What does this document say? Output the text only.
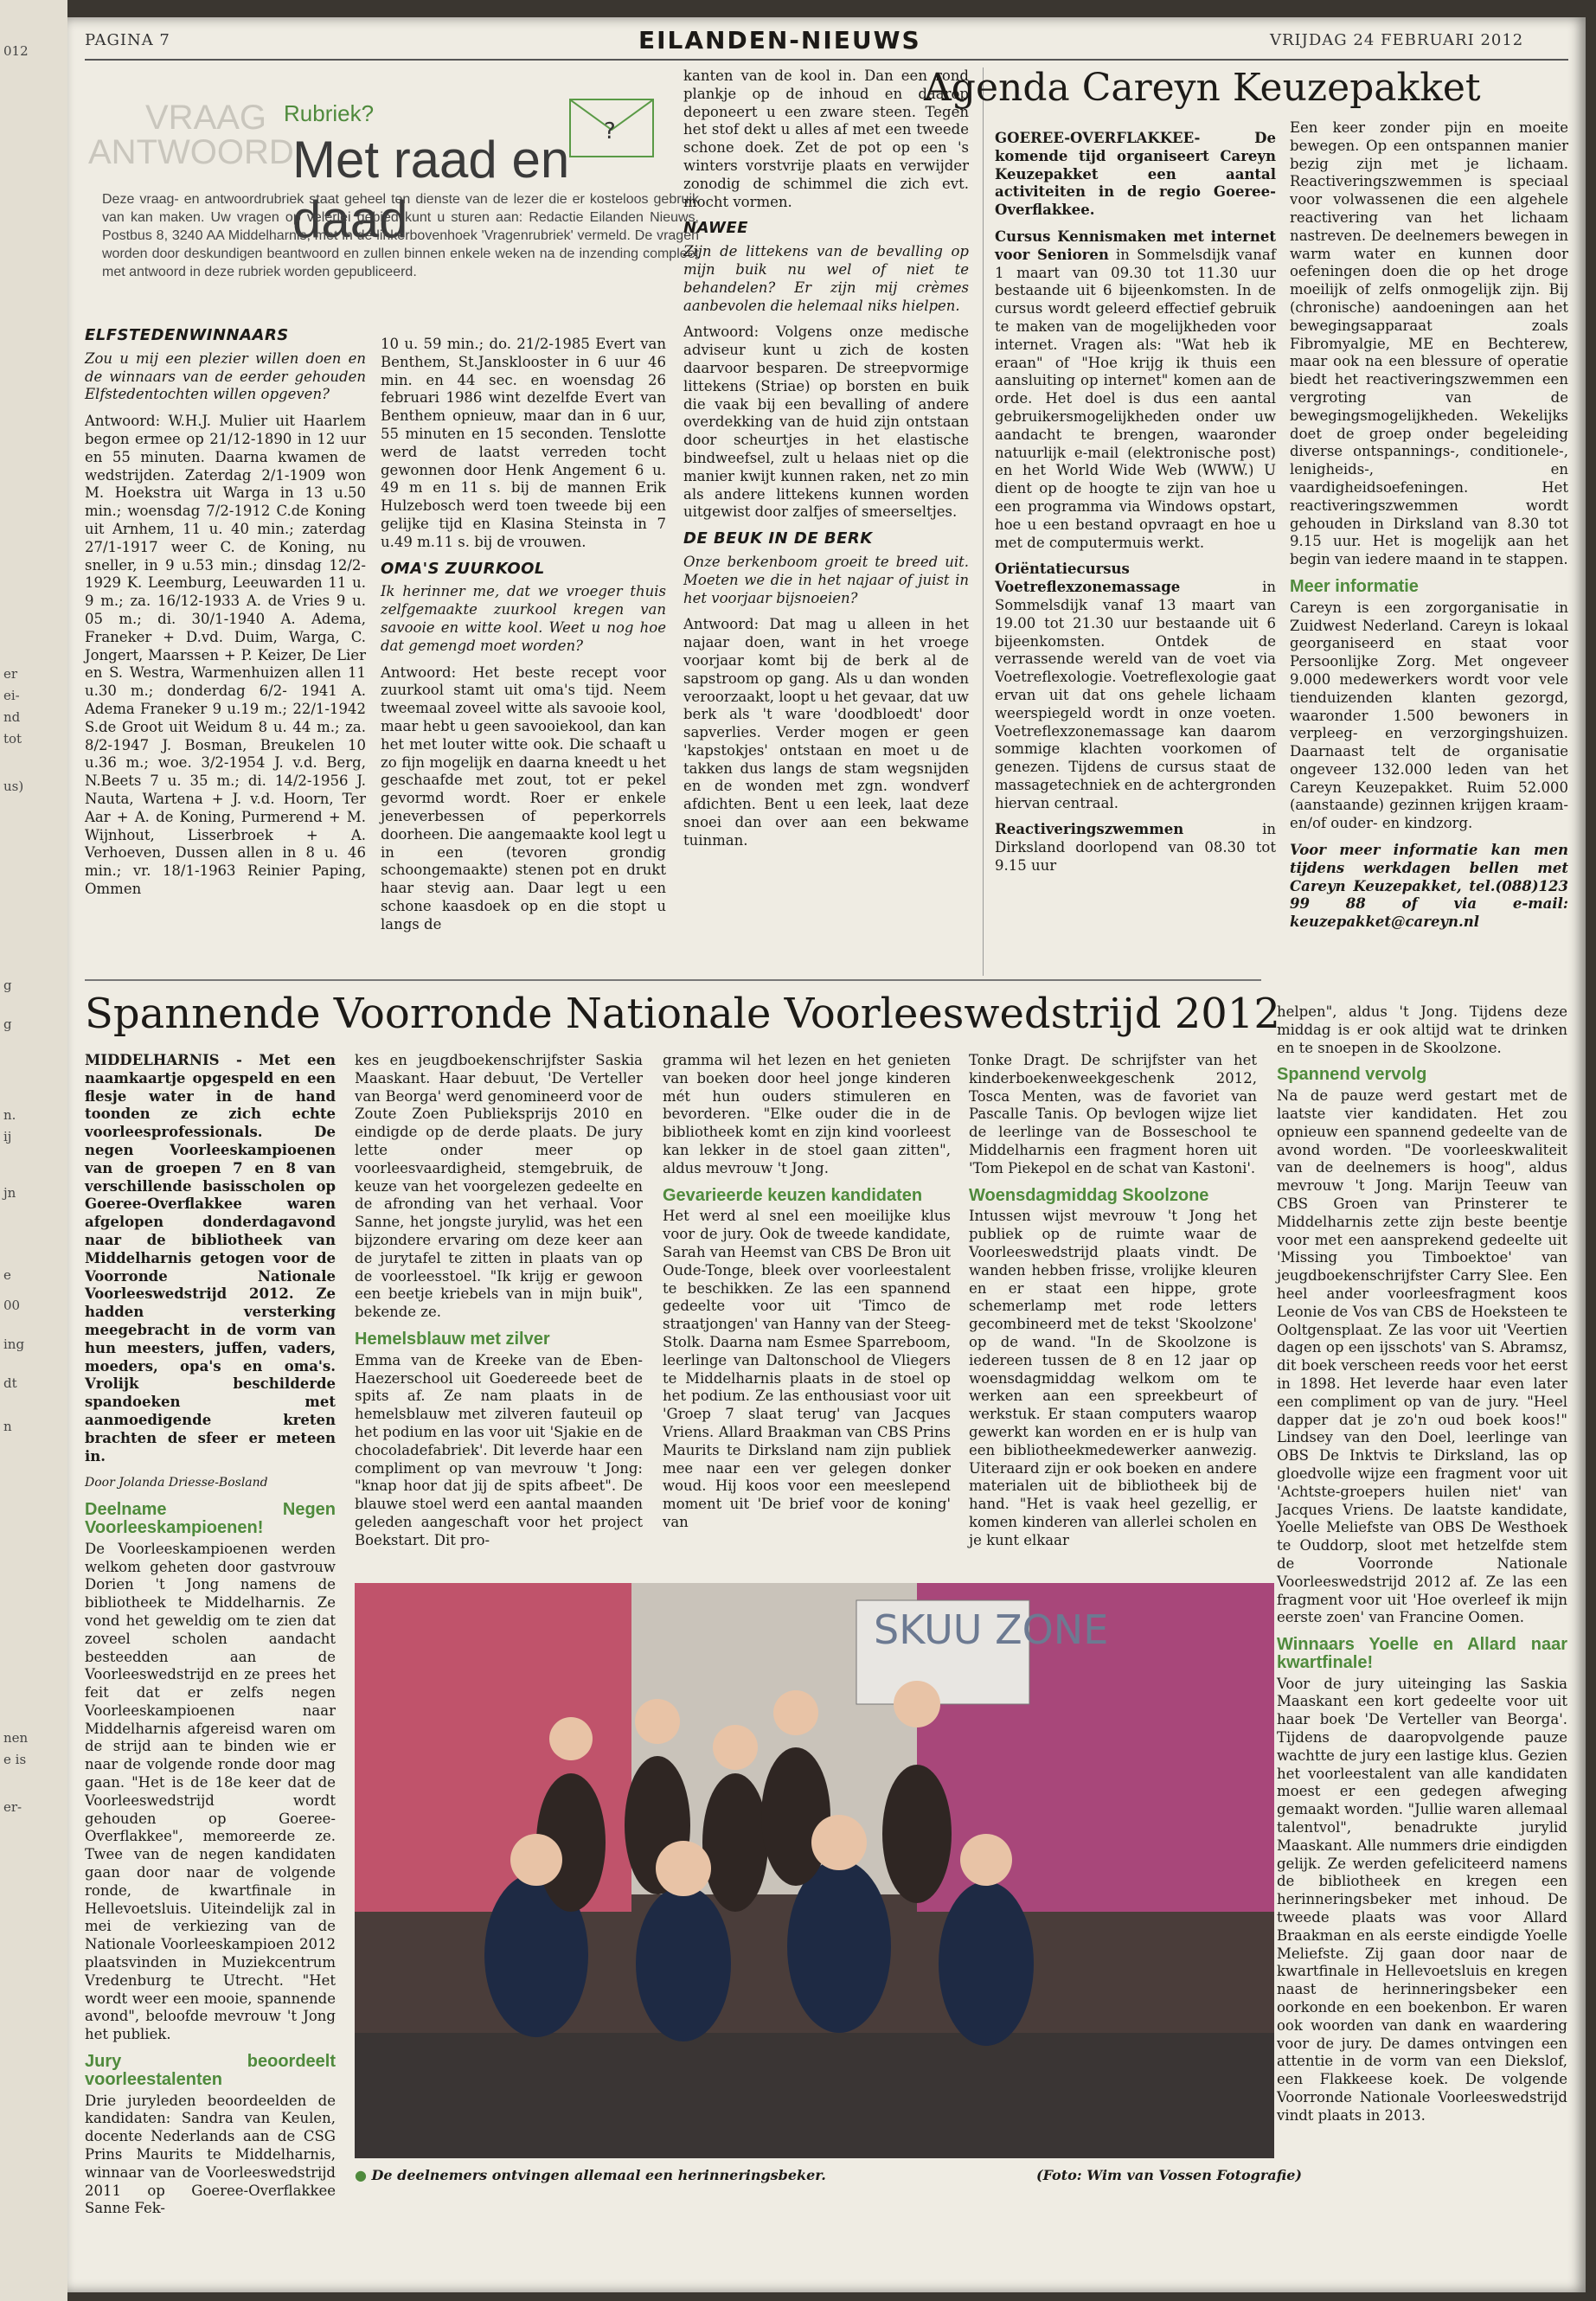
012
er
ei-
nd
tot
us)
g
g
n.
ij
jn
e
00
ing
dt
n
nen
e is
er-
PAGINA 7	EILANDEN-NIEUWS	VRIJDAG 24 FEBRUARI 2012
VRAAG
ANTWOORD
Rubriek?
Met raad en daad
?
Deze vraag- en antwoordrubriek staat geheel ten dienste van de lezer die er kosteloos gebruik van kan maken. Uw vragen op velerlei gebied kunt u sturen aan: Redactie Eilanden Nieuws, Postbus 8, 3240 AA Middelharnis, met in de linkerbovenhoek 'Vragenrubriek' vermeld. De vragen worden door deskundigen beantwoord en zullen binnen enkele weken na de inzending compleet met antwoord in deze rubriek worden gepubliceerd.
ELFSTEDENWINNAARS

Zou u mij een plezier willen doen en de winnaars van de eerder gehouden Elfstedentochten willen opgeven?

Antwoord: W.H.J. Mulier uit Haarlem begon ermee op 21/12-1890 in 12 uur en 55 minuten. Daarna kwamen de wedstrijden. Zaterdag 2/1-1909 won M. Hoekstra uit Warga in 13 u.50 min.; woensdag 7/2-1912 C.de Koning uit Arnhem, 11 u. 40 min.; zaterdag 27/1-1917 weer C. de Koning, nu sneller, in 9 u.53 min.; dinsdag 12/2-1929 K. Leemburg, Leeuwarden 11 u. 9 m.; za. 16/12-1933 A. de Vries 9 u. 05 m.; di. 30/1-1940 A. Adema, Franeker + D.vd. Duim, Warga, C. Jongert, Maarssen + P. Keizer, De Lier en S. Westra, Warmenhuizen allen 11 u.30 m.; donderdag 6/2- 1941 A. Adema Franeker 9 u.19 m.; 22/1-1942 S.de Groot uit Weidum 8 u. 44 m.; za. 8/2-1947 J. Bosman, Breukelen 10 u.36 m.; woe. 3/2-1954 J. v.d. Berg, N.Beets 7 u. 35 m.; di. 14/2-1956 J. Nauta, Wartena + J. v.d. Hoorn, Ter Aar + A. de Koning, Purmerend + M. Wijnhout, Lisserbroek + A. Verhoeven, Dussen allen in 8 u. 46 min.; vr. 18/1-1963 Reinier Paping, Ommen

10 u. 59 min.; do. 21/2-1985 Evert van Benthem, St.Jansklooster in 6 uur 46 min. en 44 sec. en woensdag 26 februari 1986 wint dezelfde Evert van Benthem opnieuw, maar dan in 6 uur, 55 minuten en 15 seconden. Tenslotte werd de laatst verreden tocht gewonnen door Henk Angement 6 u. 49 m en 11 s. bij de mannen Erik Hulzebosch werd toen tweede bij een gelijke tijd en Klasina Steinsta in 7 u.49 m.11 s. bij de vrouwen.

OMA'S ZUURKOOL

Ik herinner me, dat we vroeger thuis zelfgemaakte zuurkool kregen van savooie en witte kool. Weet u nog hoe dat gemengd moet worden?

Antwoord: Het beste recept voor zuurkool stamt uit oma's tijd. Neem tweemaal zoveel witte als savooie kool, maar hebt u geen savooiekool, dan kan het met louter witte ook. Die schaaft u zo fijn mogelijk en daarna kneedt u het geschaafde met zout, tot er pekel gevormd wordt. Roer er enkele jeneverbessen of peperkorrels doorheen. Die aangemaakte kool legt u in een (tevoren grondig schoongemaakte) stenen pot en drukt haar stevig aan. Daar legt u een schone kaasdoek op en die stopt u langs de

kanten van de kool in. Dan een rond plankje op de inhoud en daarop deponeert u een zware steen. Tegen het stof dekt u alles af met een tweede schone doek. Zet de pot op een 's winters vorstvrije plaats en verwijder zonodig de schimmel die zich evt. mocht vormen.

NAWEE

Zijn de littekens van de bevalling op mijn buik nu wel of niet te behandelen? Er zijn mij crèmes aanbevolen die helemaal niks hielpen.

Antwoord: Volgens onze medische adviseur kunt u zich de kosten daarvoor besparen. De streepvormige littekens (Striae) op borsten en buik die vaak bij een bevalling of andere overdekking van de huid zijn ontstaan door scheurtjes in het elastische bindweefsel, zult u helaas niet op die manier kwijt kunnen raken, net zo min als andere littekens kunnen worden uitgewist door zalfjes of smeerseltjes.

DE BEUK IN DE BERK

Onze berkenboom groeit te breed uit. Moeten we die in het najaar of juist in het voorjaar bijsnoeien?

Antwoord: Dat mag u alleen in het najaar doen, want in het vroege voorjaar komt bij de berk al de sapstroom op gang. Als u dan wonden veroorzaakt, loopt u het gevaar, dat uw berk als 't ware 'doodbloedt' door sapverlies. Verder mogen er geen 'kapstokjes' ontstaan en moet u de takken dus langs de stam wegsnijden en de wonden met zgn. wondverf afdichten. Bent u een leek, laat deze snoei dan over aan een bekwame tuinman.

Agenda Careyn Keuzepakket

GOEREE-OVERFLAKKEE- De komende tijd organiseert Careyn Keuzepakket een aantal activiteiten in de regio Goeree-Overflakkee.

Cursus Kennismaken met internet voor Senioren in Sommelsdijk vanaf 1 maart van 09.30 tot 11.30 uur bestaande uit 6 bijeenkomsten. In de cursus wordt geleerd effectief gebruik te maken van de mogelijkheden voor internet. Vragen als: "Wat heb ik eraan" of "Hoe krijg ik thuis een aansluiting op internet" komen aan de orde. Het doel is dus een aantal gebruikersmogelijkheden onder uw aandacht te brengen, waaronder natuurlijk e-mail (elektronische post) en het World Wide Web (WWW.) U dient op de hoogte te zijn van hoe u een programma via Windows opstart, hoe u een bestand opvraagt en hoe u met de computermuis werkt.

Oriëntatiecursus Voetreflexzonemassage in Sommelsdijk vanaf 13 maart van 19.00 tot 21.30 uur bestaande uit 6 bijeenkomsten. Ontdek de verrassende wereld van de voet via Voetreflexologie. Voetreflexologie gaat ervan uit dat ons gehele lichaam weerspiegeld wordt in onze voeten. Voetreflexzonemassage kan daarom sommige klachten voorkomen of genezen. Tijdens de cursus staat de massagetechniek en de achtergronden hiervan centraal.

Reactiveringszwemmen in Dirksland doorlopend van 08.30 tot 9.15 uur

Een keer zonder pijn en moeite bewegen. Op een ontspannen manier bezig zijn met je lichaam. Reactiveringszwemmen is speciaal voor volwassenen die een algehele reactivering van het lichaam nastreven. De deelnemers bewegen in warm water en kunnen door oefeningen doen die op het droge moeilijk of zelfs onmogelijk zijn. Bij (chronische) aandoeningen aan het bewegingsapparaat zoals Fibromyalgie, ME en Bechterew, maar ook na een blessure of operatie biedt het reactiveringszwemmen een vergroting van de bewegingsmogelijkheden. Wekelijks doet de groep onder begeleiding diverse ontspannings-, conditionele-, lenigheids-, en vaardigheidsoefeningen. Het reactiveringszwemmen wordt gehouden in Dirksland van 8.30 tot 9.15 uur. Het is mogelijk aan het begin van iedere maand in te stappen.

Meer informatie

Careyn is een zorgorganisatie in Zuidwest Nederland. Careyn is lokaal georganiseerd en staat voor Persoonlijke Zorg. Met ongeveer 9.000 medewerkers wordt voor vele tienduizenden klanten gezorgd, waaronder 1.500 bewoners in verpleeg- en verzorgingshuizen. Daarnaast telt de organisatie ongeveer 132.000 leden van het Careyn Keuzepakket. Ruim 52.000 (aanstaande) gezinnen krijgen kraam- en/of ouder- en kindzorg.

Voor meer informatie kan men tijdens werkdagen bellen met Careyn Keuzepakket, tel.(088)123 99 88 of via e-mail: keuzepakket@careyn.nl

Spannende Voorronde Nationale Voorleeswedstrijd 2012

MIDDELHARNIS - Met een naamkaartje opgespeld en een flesje water in de hand toonden ze zich echte voorleesprofessionals. De negen Voorleeskampioenen van de groepen 7 en 8 van verschillende basisscholen op Goeree-Overflakkee waren afgelopen donderdagavond naar de bibliotheek van Middelharnis getogen voor de Voorronde Nationale Voorleeswedstrijd 2012. Ze hadden versterking meegebracht in de vorm van hun meesters, juffen, vaders, moeders, opa's en oma's. Vrolijk beschilderde spandoeken met aanmoedigende kreten brachten de sfeer er meteen in.

Door Jolanda Driesse-Bosland
Deelname Negen Voorleeskampioenen!

De Voorleeskampioenen werden welkom geheten door gastvrouw Dorien 't Jong namens de bibliotheek te Middelharnis. Ze vond het geweldig om te zien dat zoveel scholen aandacht besteedden aan de Voorleeswedstrijd en ze prees het feit dat er zelfs negen Voorleeskampioenen naar Middelharnis afgereisd waren om de strijd aan te binden wie er naar de volgende ronde door mag gaan. "Het is de 18e keer dat de Voorleeswedstrijd wordt gehouden op Goeree-Overflakkee", memoreerde ze. Twee van de negen kandidaten gaan door naar de volgende ronde, de kwartfinale in Hellevoetsluis. Uiteindelijk zal in mei de verkiezing van de Nationale Voorleeskampioen 2012 plaatsvinden in Muziekcentrum Vredenburg te Utrecht. "Het wordt weer een mooie, spannende avond", beloofde mevrouw 't Jong het publiek.

Jury beoordeelt voorleestalenten

Drie juryleden beoordeelden de kandidaten: Sandra van Keulen, docente Nederlands aan de CSG Prins Maurits te Middelharnis, winnaar van de Voorleeswedstrijd 2011 op Goeree-Overflakkee Sanne Fek-

kes en jeugdboekenschrijfster Saskia Maaskant. Haar debuut, 'De Verteller van Beorga' werd genomineerd voor de Zoute Zoen Publieksprijs 2010 en eindigde op de derde plaats. De jury lette onder meer op voorleesvaardigheid, stemgebruik, de keuze van het voorgelezen gedeelte en de afronding van het verhaal. Voor Sanne, het jongste jurylid, was het een bijzondere ervaring om deze keer aan de jurytafel te zitten in plaats van op de voorleesstoel. "Ik krijg er gewoon een beetje kriebels van in mijn buik", bekende ze.

Hemelsblauw met zilver

Emma van de Kreeke van de Eben-Haezerschool uit Goedereede beet de spits af. Ze nam plaats in de hemelsblauw met zilveren fauteuil op het podium en las voor uit 'Sjakie en de chocoladefabriek'. Dit leverde haar een compliment op van mevrouw 't Jong: "knap hoor dat jij de spits afbeet". De blauwe stoel werd een aantal maanden geleden aangeschaft voor het project Boekstart. Dit pro-

gramma wil het lezen en het genieten van boeken door heel jonge kinderen mét hun ouders stimuleren en bevorderen. "Elke ouder die in de bibliotheek komt en zijn kind voorleest kan lekker in de stoel gaan zitten", aldus mevrouw 't Jong.

Gevarieerde keuzen kandidaten

Het werd al snel een moeilijke klus voor de jury. Ook de tweede kandidate, Sarah van Heemst van CBS De Bron uit Oude-Tonge, bleek over voorleestalent te beschikken. Ze las een spannend gedeelte voor uit 'Timco de straatjongen' van Hanny van der Steeg-Stolk. Daarna nam Esmee Sparreboom, leerlinge van Daltonschool de Vliegers te Middelharnis plaats in de stoel op het podium. Ze las enthousiast voor uit 'Groep 7 slaat terug' van Jacques Vriens. Allard Braakman van CBS Prins Maurits te Dirksland nam zijn publiek mee naar een ver gelegen donker woud. Hij koos voor een meeslepend moment uit 'De brief voor de koning' van

Tonke Dragt. De schrijfster van het kinderboekenweekgeschenk 2012, Tosca Menten, was de favoriet van Pascalle Tanis. Op bevlogen wijze liet de leerlinge van de Bosseschool te Middelharnis een fragment horen uit 'Tom Piekepol en de schat van Kastoni'.

Woensdagmiddag Skoolzone

Intussen wijst mevrouw 't Jong het publiek op de ruimte waar de Voorleeswedstrijd plaats vindt. De wanden hebben frisse, vrolijke kleuren en er staat een hippe, grote schemerlamp met rode letters gecombineerd met de tekst 'Skoolzone' op de wand. "In de Skoolzone is iedereen tussen de 8 en 12 jaar op woensdagmiddag welkom om te werken aan een spreekbeurt of werkstuk. Er staan computers waarop gewerkt kan worden en er is hulp van een bibliotheekmedewerker aanwezig. Uiteraard zijn er ook boeken en andere materialen uit de bibliotheek bij de hand. "Het is vaak heel gezellig, er komen kinderen van allerlei scholen en je kunt elkaar

helpen", aldus 't Jong. Tijdens deze middag is er ook altijd wat te drinken en te snoepen in de Skoolzone.

Spannend vervolg

Na de pauze werd gestart met de laatste vier kandidaten. Het zou opnieuw een spannend gedeelte van de avond worden. "De voorleeskwaliteit van de deelnemers is hoog", aldus mevrouw 't Jong. Marijn Teeuw van CBS Groen van Prinsterer te Middelharnis zette zijn beste beentje voor met een aansprekend gedeelte uit 'Missing you Timboektoe' van jeugdboekenschrijfster Carry Slee. Een heel ander voorleesfragment koos Leonie de Vos van CBS de Hoeksteen te Ooltgensplaat. Ze las voor uit 'Veertien dagen op een ijsschots' van S. Abramsz, dit boek verscheen reeds voor het eerst in 1898. Het leverde haar even later een compliment op van de jury. "Heel dapper dat je zo'n oud boek koos!" Lindsey van den Doel, leerlinge van OBS De Inktvis te Dirksland, las op gloedvolle wijze een fragment voor uit 'Achtste-groepers huilen niet' van Jacques Vriens. De laatste kandidate, Yoelle Meliefste van OBS De Westhoek te Ouddorp, sloot met hetzelfde stem de Voorronde Nationale Voorleeswedstrijd 2012 af. Ze las een fragment voor uit 'Hoe overleef ik mijn eerste zoen' van Francine Oomen.

Winnaars Yoelle en Allard naar kwartfinale!

Voor de jury uiteinging las Saskia Maaskant een kort gedeelte voor uit haar boek 'De Verteller van Beorga'. Tijdens de daaropvolgende pauze wachtte de jury een lastige klus. Gezien het voorleestalent van alle kandidaten moest er een gedegen afweging gemaakt worden. "Jullie waren allemaal talentvol", benadrukte jurylid Maaskant. Alle nummers drie eindigden gelijk. Ze werden gefeliciteerd namens de bibliotheek en kregen een herinneringsbeker met inhoud. De tweede plaats was voor Allard Braakman en als eerste eindigde Yoelle Meliefste. Zij gaan door naar de kwartfinale in Hellevoetsluis en kregen naast de herinneringsbeker een oorkonde en een boekenbon. Er waren ook woorden van dank en waardering voor de jury. De dames ontvingen een attentie in de vorm van een Diekslof, een Flakkeese koek. De volgende Voorronde Nationale Voorleeswedstrijd vindt plaats in 2013.

SKUU ZONE
● De deelnemers ontvingen allemaal een herinneringsbeker.	(Foto: Wim van Vossen Fotografie)
